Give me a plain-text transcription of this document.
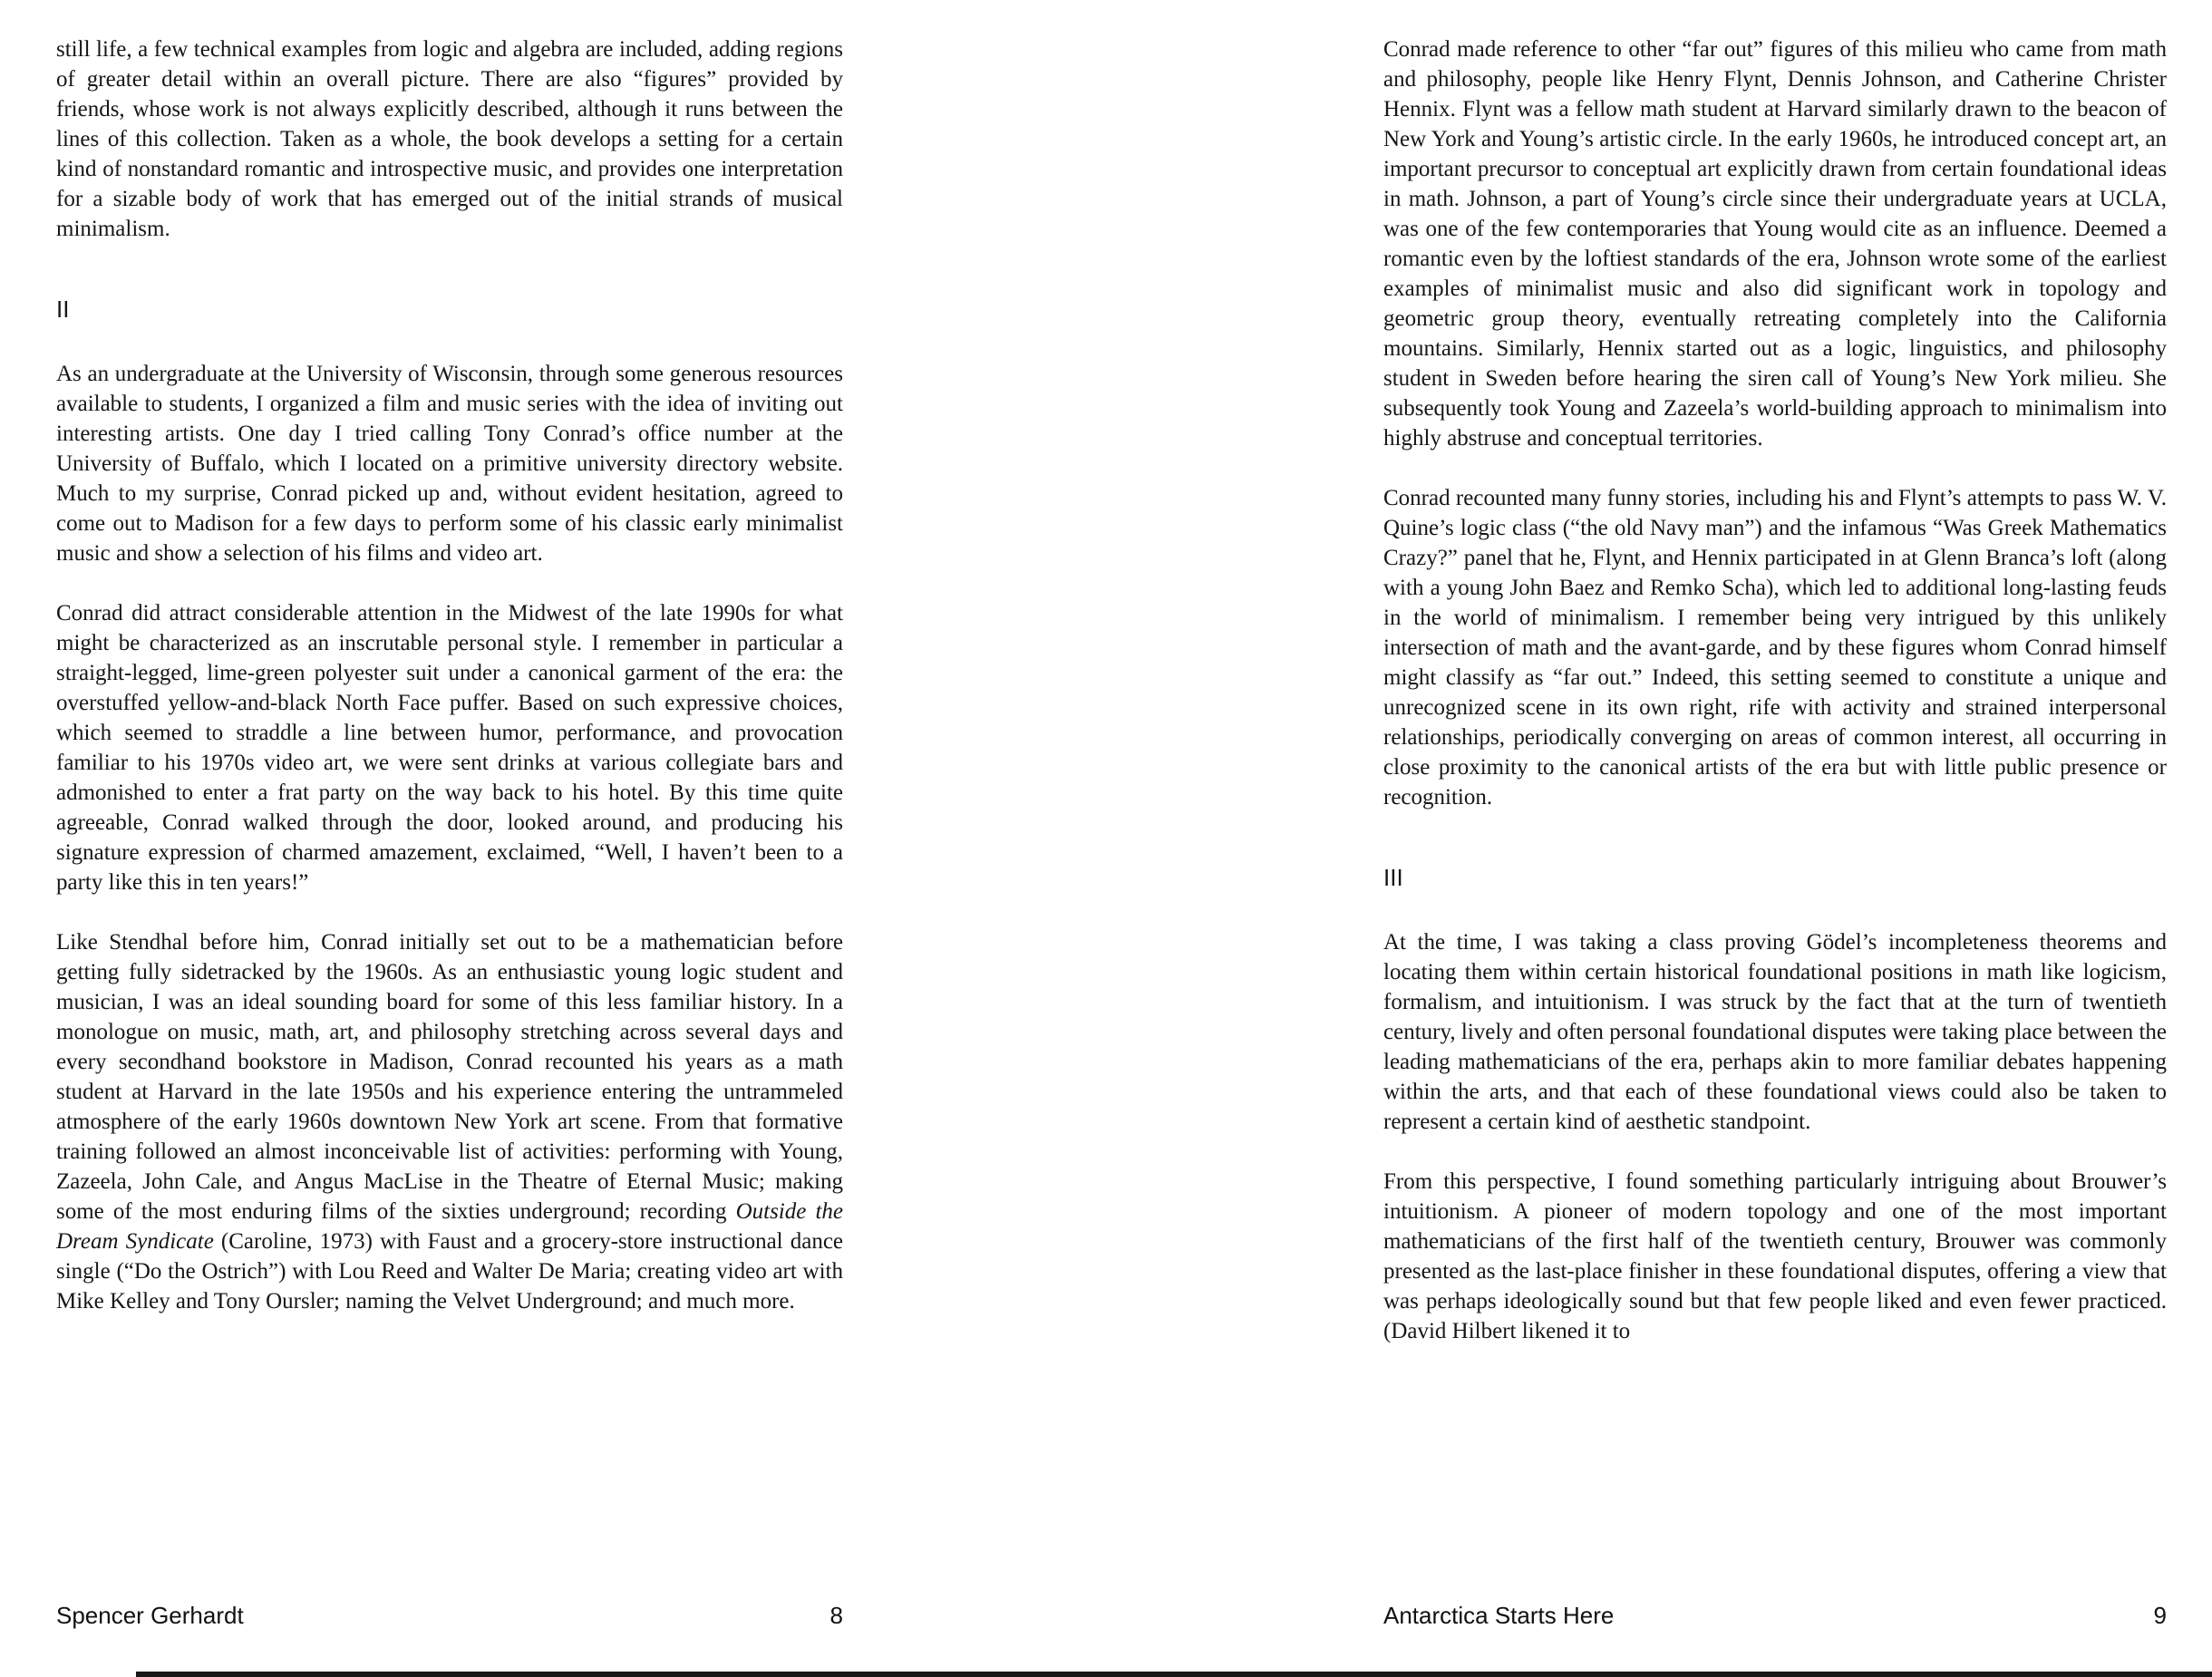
still life, a few technical examples from logic and algebra are included, adding regions of greater detail within an overall picture. There are also “figures” provided by friends, whose work is not always explicitly described, although it runs between the lines of this collection. Taken as a whole, the book develops a setting for a certain kind of nonstandard romantic and introspective music, and provides one interpretation for a sizable body of work that has emerged out of the initial strands of musical minimalism.

II

As an undergraduate at the University of Wisconsin, through some generous resources available to students, I organized a film and music series with the idea of inviting out interesting artists. One day I tried calling Tony Conrad’s office number at the University of Buffalo, which I located on a primitive university directory website. Much to my surprise, Conrad picked up and, without evident hesitation, agreed to come out to Madison for a few days to perform some of his classic early minimalist music and show a selection of his films and video art.

Conrad did attract considerable attention in the Midwest of the late 1990s for what might be characterized as an inscrutable personal style. I remember in particular a straight-legged, lime-green polyester suit under a canonical garment of the era: the overstuffed yellow-and-black North Face puffer. Based on such expressive choices, which seemed to straddle a line between humor, performance, and provocation familiar to his 1970s video art, we were sent drinks at various collegiate bars and admonished to enter a frat party on the way back to his hotel. By this time quite agreeable, Conrad walked through the door, looked around, and producing his signature expression of charmed amazement, exclaimed, “Well, I haven’t been to a party like this in ten years!”

Like Stendhal before him, Conrad initially set out to be a mathematician before getting fully sidetracked by the 1960s. As an enthusiastic young logic student and musician, I was an ideal sounding board for some of this less familiar history. In a monologue on music, math, art, and philosophy stretching across several days and every secondhand bookstore in Madison, Conrad recounted his years as a math student at Harvard in the late 1950s and his experience entering the untrammeled atmosphere of the early 1960s downtown New York art scene. From that formative training followed an almost inconceivable list of activities: performing with Young, Zazeela, John Cale, and Angus MacLise in the Theatre of Eternal Music; making some of the most enduring films of the sixties underground; recording Outside the Dream Syndicate (Caroline, 1973) with Faust and a grocery-store instructional dance single (“Do the Ostrich”) with Lou Reed and Walter De Maria; creating video art with Mike Kelley and Tony Oursler; naming the Velvet Underground; and much more.

Spencer Gerhardt	8

Conrad made reference to other “far out” figures of this milieu who came from math and philosophy, people like Henry Flynt, Dennis Johnson, and Catherine Christer Hennix. Flynt was a fellow math student at Harvard similarly drawn to the beacon of New York and Young’s artistic circle. In the early 1960s, he introduced concept art, an important precursor to conceptual art explicitly drawn from certain foundational ideas in math. Johnson, a part of Young’s circle since their undergraduate years at UCLA, was one of the few contemporaries that Young would cite as an influence. Deemed a romantic even by the loftiest standards of the era, Johnson wrote some of the earliest examples of minimalist music and also did significant work in topology and geometric group theory, eventually retreating completely into the California mountains. Similarly, Hennix started out as a logic, linguistics, and philosophy student in Sweden before hearing the siren call of Young’s New York milieu. She subsequently took Young and Zazeela’s world-building approach to minimalism into highly abstruse and conceptual territories.

Conrad recounted many funny stories, including his and Flynt’s attempts to pass W. V. Quine’s logic class (“the old Navy man”) and the infamous “Was Greek Mathematics Crazy?” panel that he, Flynt, and Hennix participated in at Glenn Branca’s loft (along with a young John Baez and Remko Scha), which led to additional long-lasting feuds in the world of minimalism. I remember being very intrigued by this unlikely intersection of math and the avant-garde, and by these figures whom Conrad himself might classify as “far out.” Indeed, this setting seemed to constitute a unique and unrecognized scene in its own right, rife with activity and strained interpersonal relationships, periodically converging on areas of common interest, all occurring in close proximity to the canonical artists of the era but with little public presence or recognition.

III

At the time, I was taking a class proving Gödel’s incompleteness theorems and locating them within certain historical foundational positions in math like logicism, formalism, and intuitionism. I was struck by the fact that at the turn of twentieth century, lively and often personal foundational disputes were taking place between the leading mathematicians of the era, perhaps akin to more familiar debates happening within the arts, and that each of these foundational views could also be taken to represent a certain kind of aesthetic standpoint.

From this perspective, I found something particularly intriguing about Brouwer’s intuitionism. A pioneer of modern topology and one of the most important mathematicians of the first half of the twentieth century, Brouwer was commonly presented as the last-place finisher in these foundational disputes, offering a view that was perhaps ideologically sound but that few people liked and even fewer practiced. (David Hilbert likened it to

Antarctica Starts Here	9
